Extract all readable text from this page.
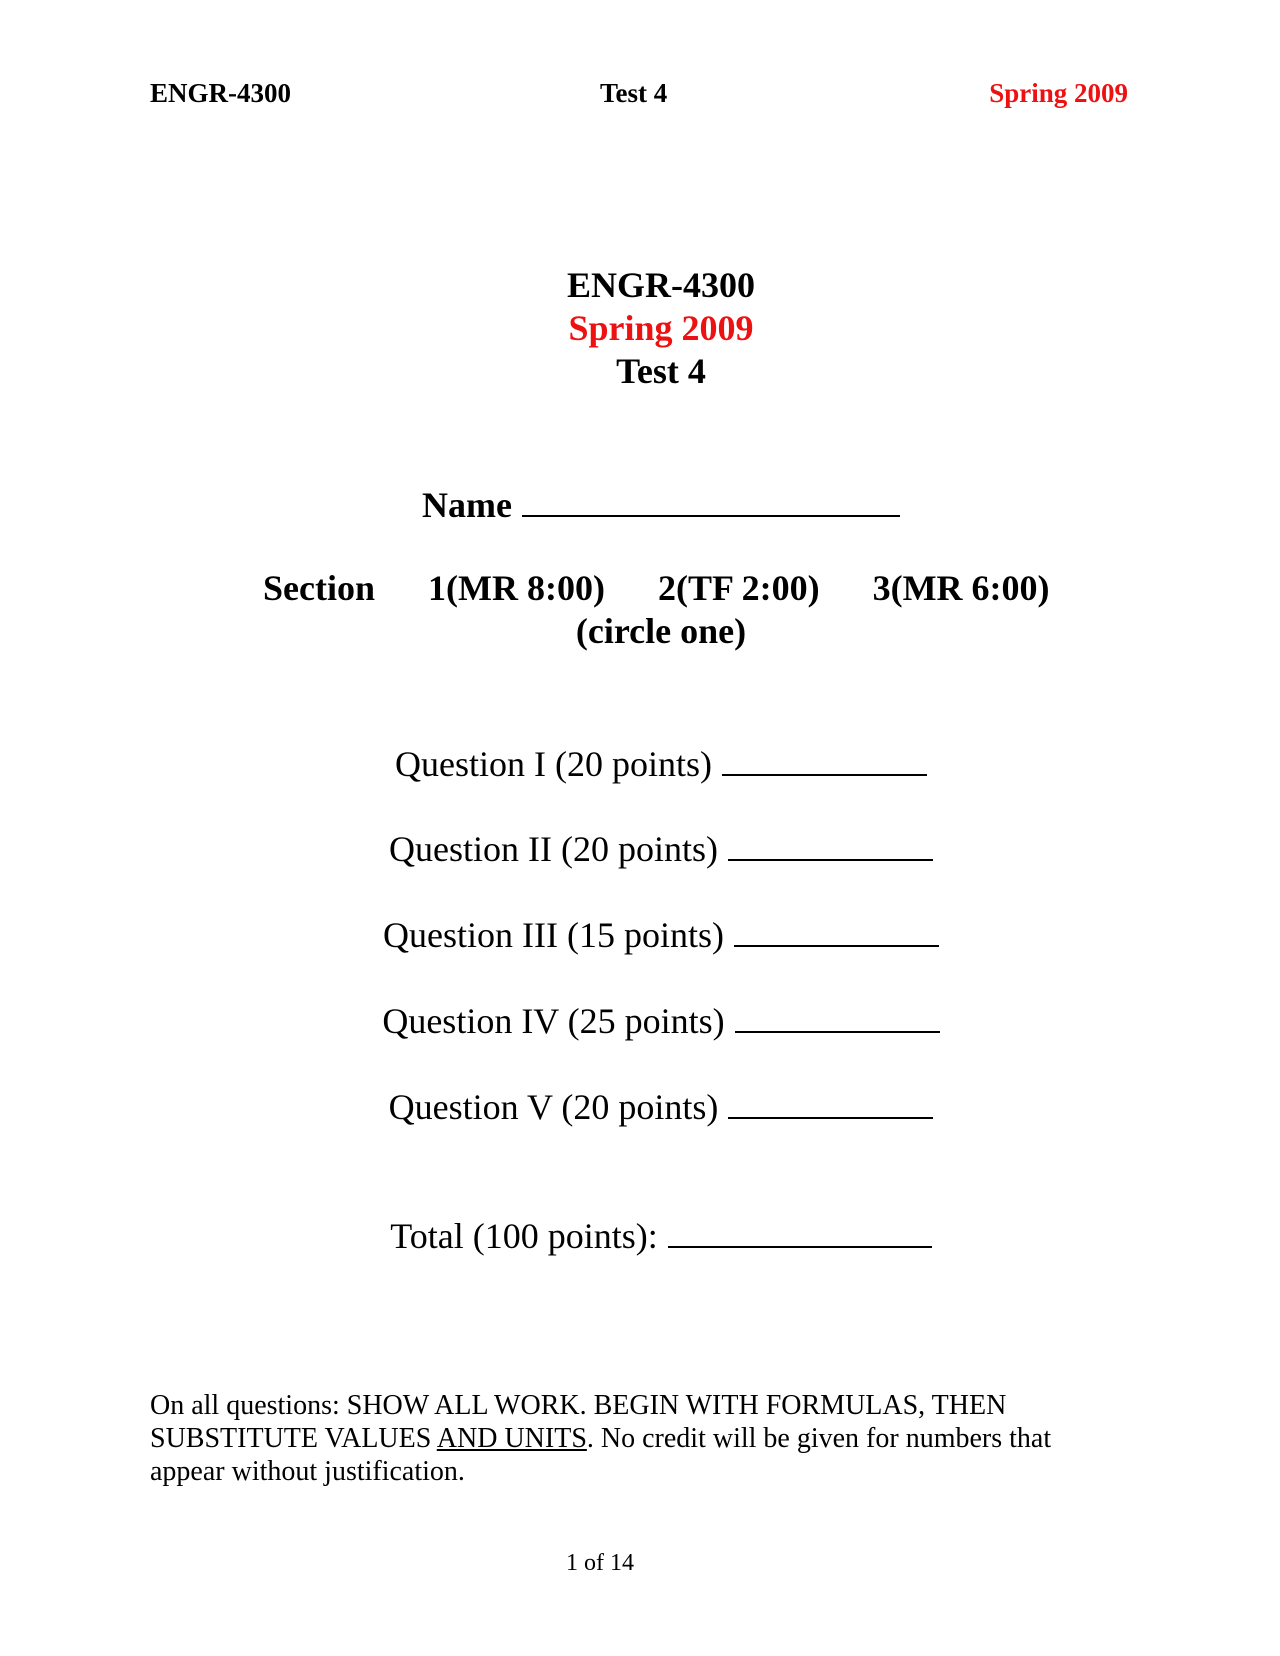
ENGR-4300	Test 4	Spring 2009
ENGR-4300
Spring 2009
Test 4
Name
Section 1(MR 8:00) 2(TF 2:00) 3(MR 6:00)
(circle one)
Question I (20 points)
Question II (20 points)
Question III (15 points)
Question IV (25 points)
Question V (20 points)
Total (100 points):
On all questions: SHOW ALL WORK. BEGIN WITH FORMULAS, THEN SUBSTITUTE VALUES AND UNITS. No credit will be given for numbers that appear without justification.
1 of 14
